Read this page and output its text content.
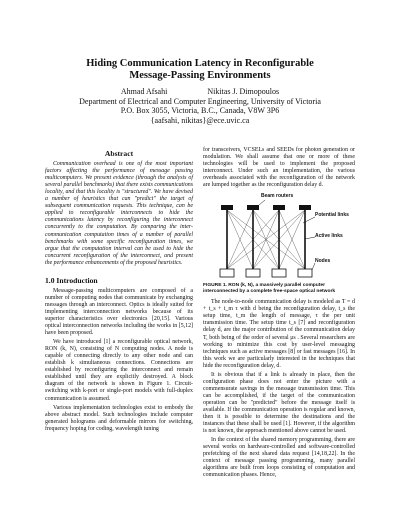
Hiding Communication Latency in Reconfigurable
Message-Passing Environments
Ahmad Afsahi	Nikitas J. Dimopoulos
Department of Electrical and Computer Engineering, University of Victoria
P.O. Box 3055, Victoria, B.C., Canada, V8W 3P6
{aafsahi, nikitas}@ece.uvic.ca
Abstract

Communication overhead is one of the most important factors affecting the performance of message passing multicomputers. We present evidence (through the analysis of several parallel benchmarks) that there exists communications locality, and that this locality is "structured". We have devised a number of heuristics that can "predict" the target of subsequent communication requests. This technique, can be applied to reconfigurable interconnects to hide the communications latency by reconfiguring the interconnect concurrently to the computation. By comparing the inter-communication computation times of a number of parallel benchmarks with some specific reconfiguration times, we argue that the computation interval can be used to hide the concurrent reconfiguration of the interconnect, and present the performance enhancements of the proposed heuristics.

1.0 Introduction

Message-passing multicomputers are composed of a number of computing nodes that communicate by exchanging messages through an interconnect. Optics is ideally suited for implementing interconnection networks because of its superior characteristics over electronics [20,15]. Various optical interconnection networks including the works in [5,12] have been proposed.

We have introduced [1] a reconfigurable optical network, RON (k, N), consisting of N computing nodes. A node is capable of connecting directly to any other node and can establish k simultaneous connections. Connections are established by reconfiguring the interconnect and remain established until they are explicitly destroyed. A block diagram of the network is shown in Figure 1. Circuit-switching with k-port or single-port models with full-duplex communication is assumed.

Various implementation technologies exist to embody the above abstract model. Such technologies include computer generated holograms and deformable mirrors for switching, frequency hoping for coding, wavelength tuning

for transceivers, VCSELs and SEEDs for photon generation or modulation. We shall assume that one or more of these technologies will be used to implement the proposed interconnect. Under such an implementation, the various overheads associated with the reconfiguration of the network are lumped together as the reconfiguration delay d.

Beam routers
Potential links
Active links
Nodes
FIGURE 1. RON (k, N), a massively parallel computer interconnected by a complete free-space optical network

The node-to-node communication delay is modeled as T = d + t_s + t_m τ with d being the reconfiguration delay, t_s the setup time, t_m the length of message, τ the per unit transmission time. The setup time t_s [7] and reconfiguration delay d, are the major contribution of the communication delay T, both being of the order of several μs . Several researchers are working to minimize this cost by user-level messaging techniques such as active messages [8] or fast messages [16]. In this work we are particularly interested in the techniques that hide the reconfiguration delay, d.

It is obvious that if a link is already in place, then the configuration phase does not enter the picture with a commensurate savings in the message transmission time. This can be accomplished, if the target of the communication operation can be "predicted" before the message itself is available. If the communication operation is regular and known, then it is possible to determine the destinations and the instances that these shall be used [1]. However, if the algorithm is not known, the approach mentioned above cannot be used.

In the context of the shared memory programming, there are several works on hardware-controlled and software-controlled prefetching of the next shared data request [14,18,22]. In the context of message passing programming, many parallel algorithms are built from loops consisting of computation and communication phases. Hence,
